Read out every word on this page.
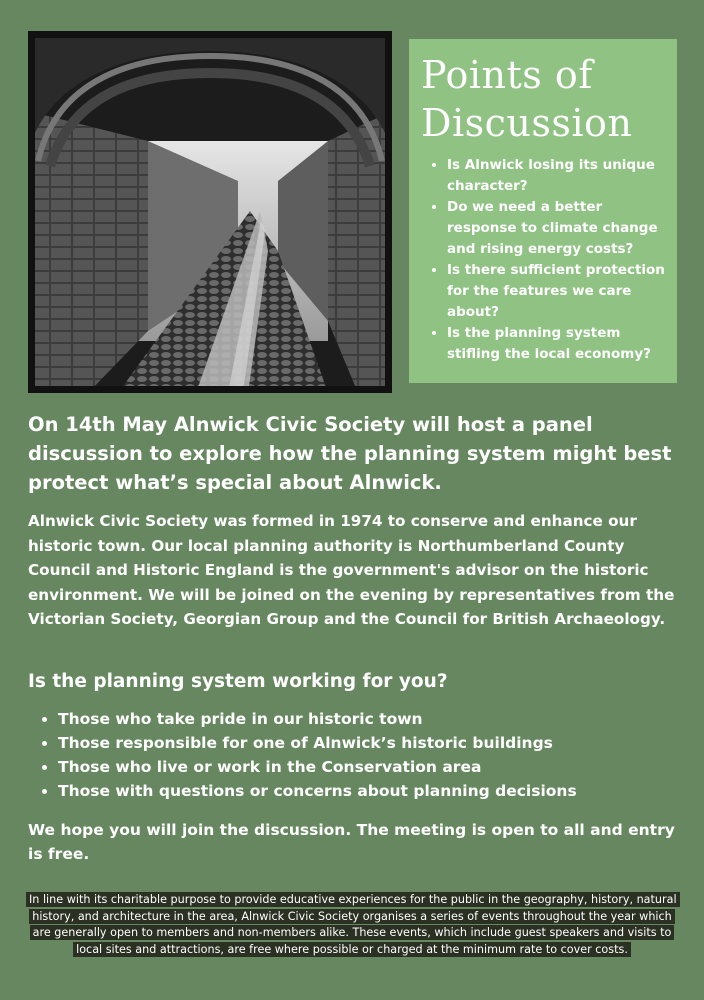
Points of
Discussion
• Is Alnwick losing its unique character?
• Do we need a better response to climate change and rising energy costs?
• Is there sufficient protection for the features we care about?
• Is the planning system stifling the local economy?

On 14th May Alnwick Civic Society will host a panel discussion to explore how the planning system might best protect what’s special about Alnwick.

Alnwick Civic Society was formed in 1974 to conserve and enhance our historic town. Our local planning authority is Northumberland County Council and Historic England is the government's advisor on the historic environment. We will be joined on the evening by representatives from the Victorian Society, Georgian Group and the Council for British Archaeology.

Is the planning system working for you?
• Those who take pride in our historic town
• Those responsible for one of Alnwick’s historic buildings
• Those who live or work in the Conservation area
• Those with questions or concerns about planning decisions

We hope you will join the discussion. The meeting is open to all and entry is free.

In line with its charitable purpose to provide educative experiences for the public in the geography, history, natural history, and architecture in the area, Alnwick Civic Society organises a series of events throughout the year which are generally open to members and non-members alike. These events, which include guest speakers and visits to local sites and attractions, are free where possible or charged at the minimum rate to cover costs.
